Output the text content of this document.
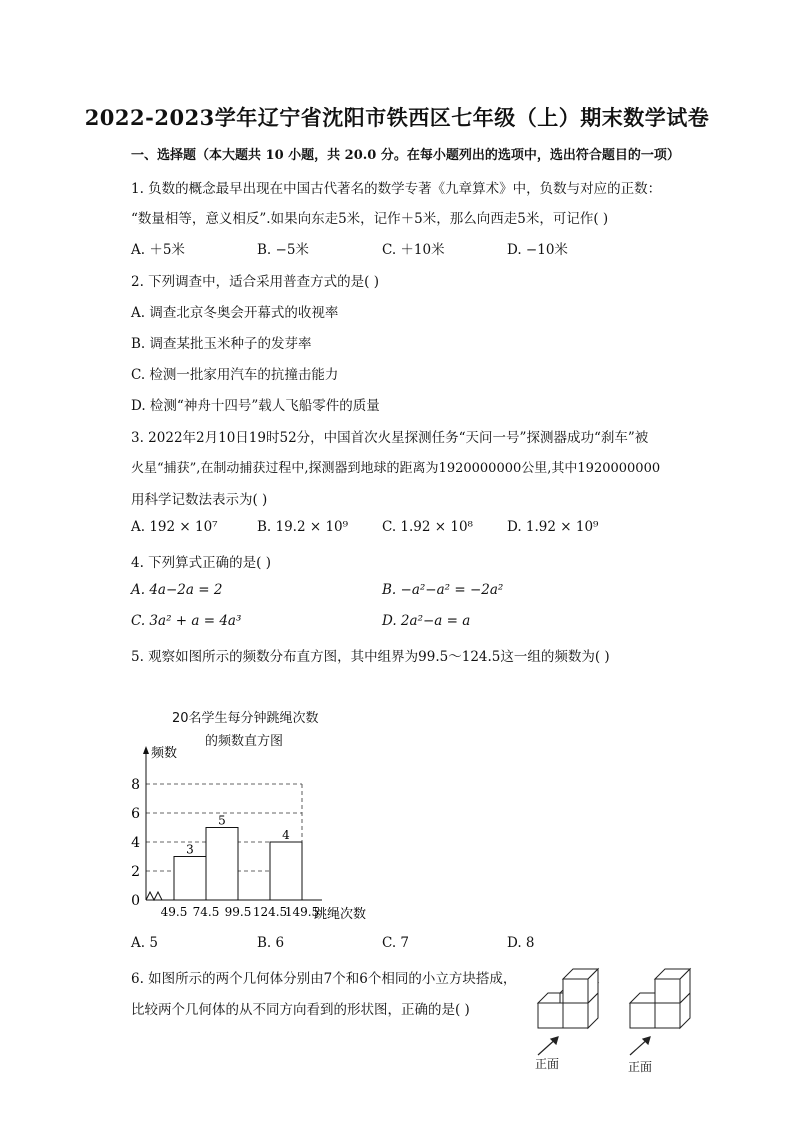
2022-2023学年辽宁省沈阳市铁西区七年级（上）期末数学试卷
一、选择题（本大题共 10 小题，共 20.0 分。在每小题列出的选项中，选出符合题目的一项）
1. 负数的概念最早出现在中国古代著名的数学专著《九章算术》中，负数与对应的正数：
“数量相等，意义相反”.如果向东走5米，记作＋5米，那么向西走5米，可记作( )
A. ＋5米	B. −5米	C. ＋10米	D. −10米
2. 下列调查中，适合采用普查方式的是( )
A. 调查北京冬奥会开幕式的收视率
B. 调查某批玉米种子的发芽率
C. 检测一批家用汽车的抗撞击能力
D. 检测“神舟十四号”载人飞船零件的质量
3. 2022年2月10日19时52分，中国首次火星探测任务“天问一号”探测器成功“刹车”被
火星“捕获”,在制动捕获过程中,探测器到地球的距离为1920000000公里,其中1920000000
用科学记数法表示为( )
A. 192 × 10⁷	B. 19.2 × 10⁹	C. 1.92 × 10⁸	D. 1.92 × 10⁹
4. 下列算式正确的是( )
A. 4a−2a = 2	B. −a²−a² = −2a²
C. 3a² + a = 4a³	D. 2a²−a = a
5. 观察如图所示的频数分布直方图，其中组界为99.5～124.5这一组的频数为( )
20名学生每分钟跳绳次数
的频数直方图
0
2
4
6
8
频数
跳绳次数
49.5 74.5 99.5 124.5
149.5
3
5
4
A. 5	B. 6	C. 7	D. 8
6. 如图所示的两个几何体分别由7个和6个相同的小立方块搭成，
比较两个几何体的从不同方向看到的形状图，正确的是( )
正面	正面
